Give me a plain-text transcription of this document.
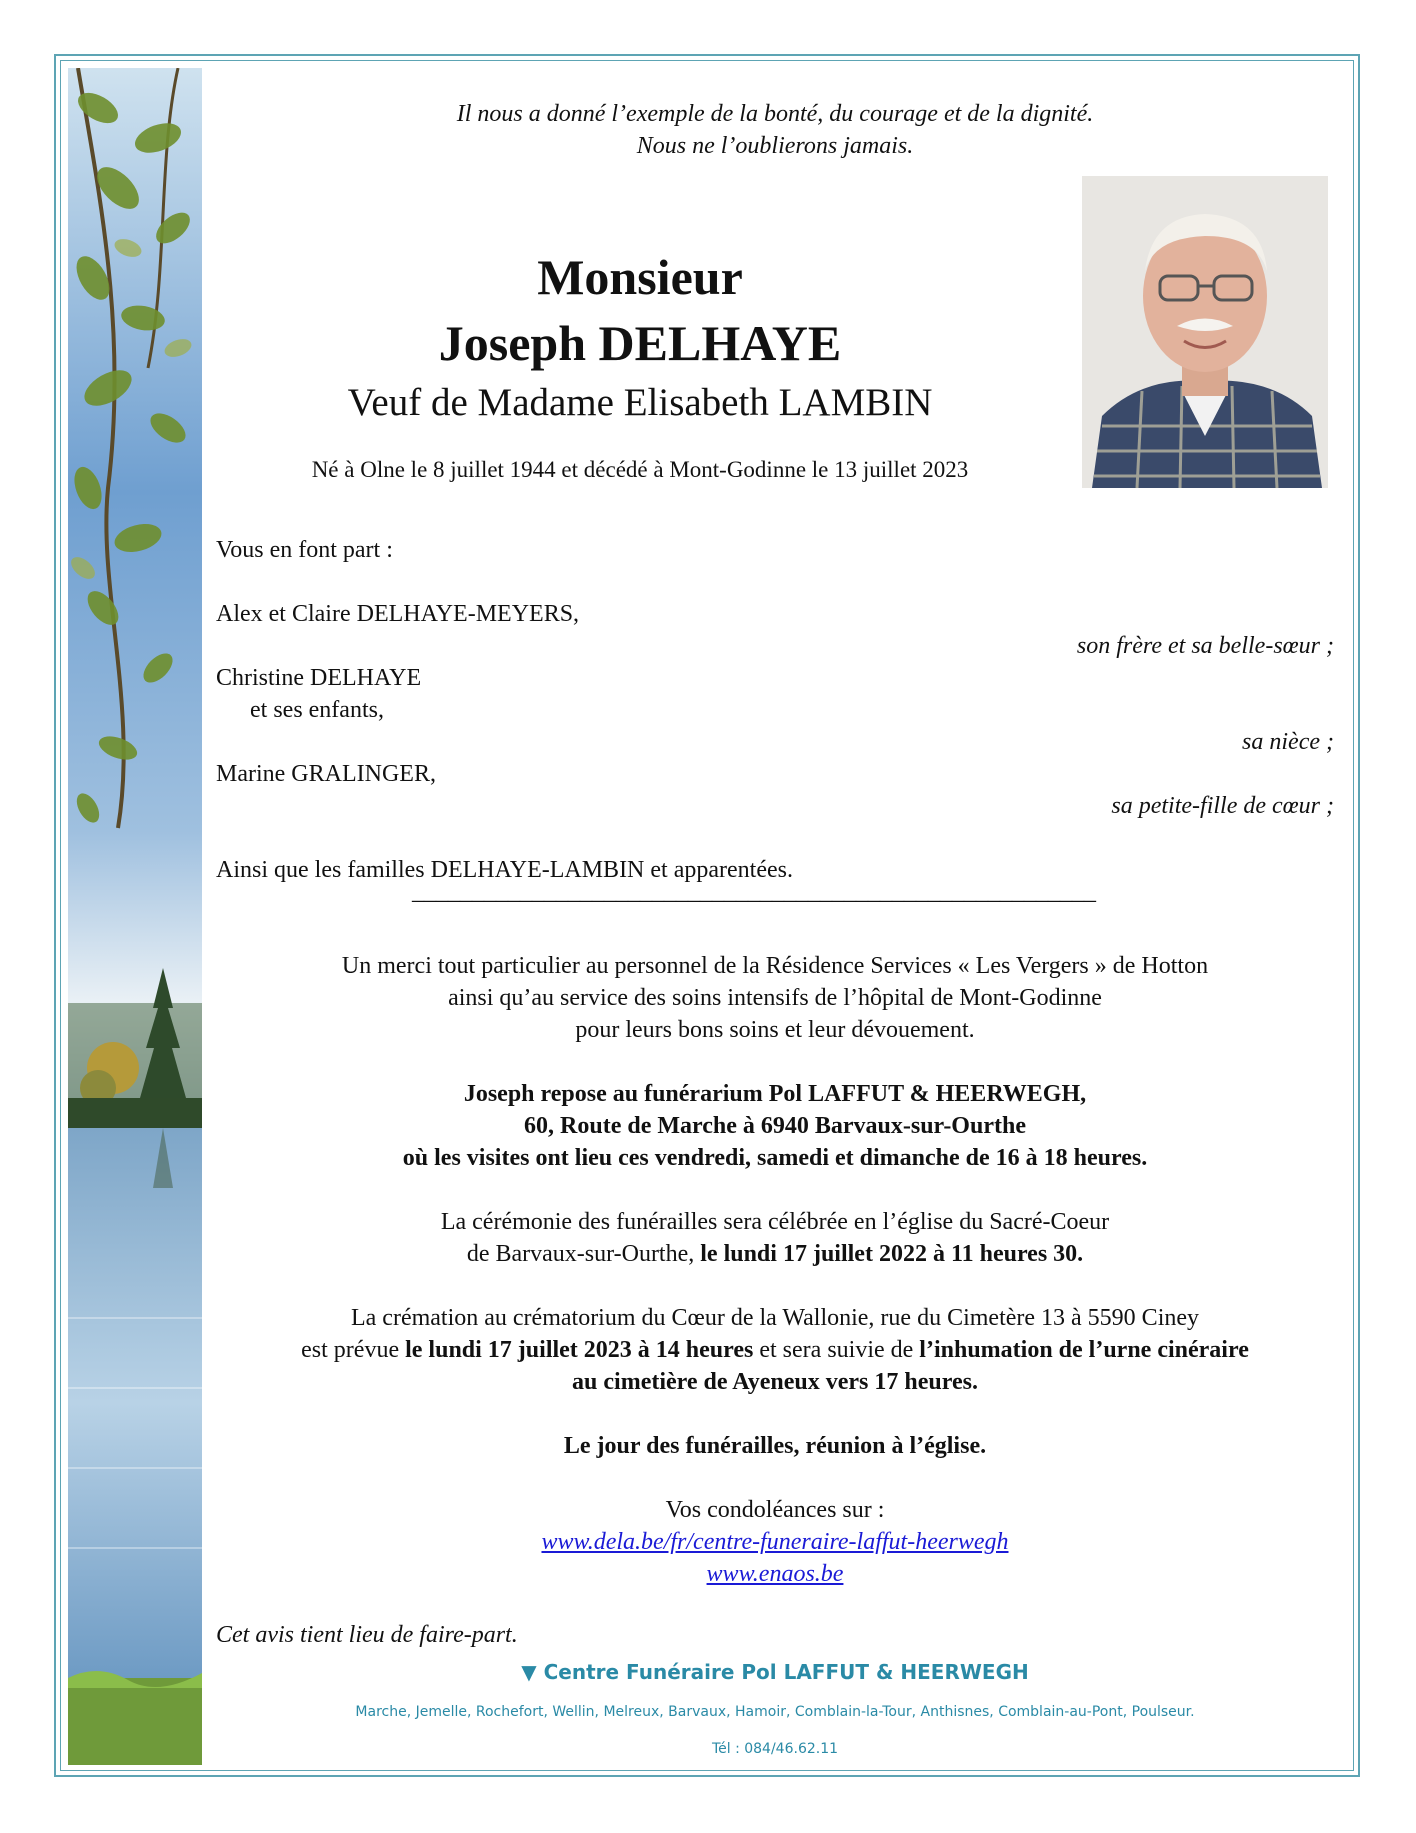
Il nous a donné l’exemple de la bonté, du courage et de la dignité.

Nous ne l’oublierons jamais.

Monsieur

Joseph DELHAYE

Veuf de Madame Elisabeth LAMBIN

Né à Olne le 8 juillet 1944 et décédé à Mont-Godinne le 13 juillet 2023

Vous en font part :

Alex et Claire DELHAYE-MEYERS,

son frère et sa belle-sœur ;

Christine DELHAYE

et ses enfants,

sa nièce ;

Marine GRALINGER,

sa petite-fille de cœur ;

Ainsi que les familles DELHAYE-LAMBIN et apparentées.

_________________________________________________________

Un merci tout particulier au personnel de la Résidence Services « Les Vergers » de Hotton

ainsi qu’au service des soins intensifs de l’hôpital de Mont-Godinne

pour leurs bons soins et leur dévouement.

Joseph repose au funérarium Pol LAFFUT & HEERWEGH,

60, Route de Marche à 6940 Barvaux-sur-Ourthe

où les visites ont lieu ces vendredi, samedi et dimanche de 16 à 18 heures.

La cérémonie des funérailles sera célébrée en l’église du Sacré-Coeur

de Barvaux-sur-Ourthe, le lundi 17 juillet 2022 à 11 heures 30.

La crémation au crématorium du Cœur de la Wallonie, rue du Cimetère 13 à 5590 Ciney

est prévue le lundi 17 juillet 2023 à 14 heures et sera suivie de l’inhumation de l’urne cinéraire

au cimetière de Ayeneux vers 17 heures.

Le jour des funérailles, réunion à l’église.

Vos condoléances sur :

www.dela.be/fr/centre-funeraire-laffut-heerwegh

www.enaos.be

Cet avis tient lieu de faire-part.

▼ Centre Funéraire Pol LAFFUT & HEERWEGH

Marche, Jemelle, Rochefort, Wellin, Melreux, Barvaux, Hamoir, Comblain-la-Tour, Anthisnes, Comblain-au-Pont, Poulseur.

Tél : 084/46.62.11
